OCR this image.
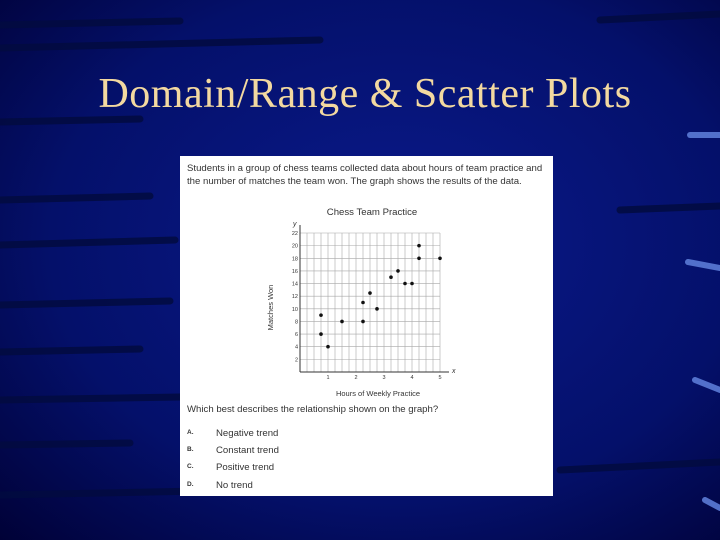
Domain/Range & Scatter Plots
Students in a group of chess teams collected data about hours of team practice and the number of matches the team won. The graph shows the results of the data.
Chess Team Practice
x
y
1	2	3	4	5
2
4
6
8
10
12
14
16
18
20
22
Hours of Weekly Practice
Matches Won
Which best describes the relationship shown on the graph?
A. Negative trend
B. Constant trend
C. Positive trend
D. No trend
